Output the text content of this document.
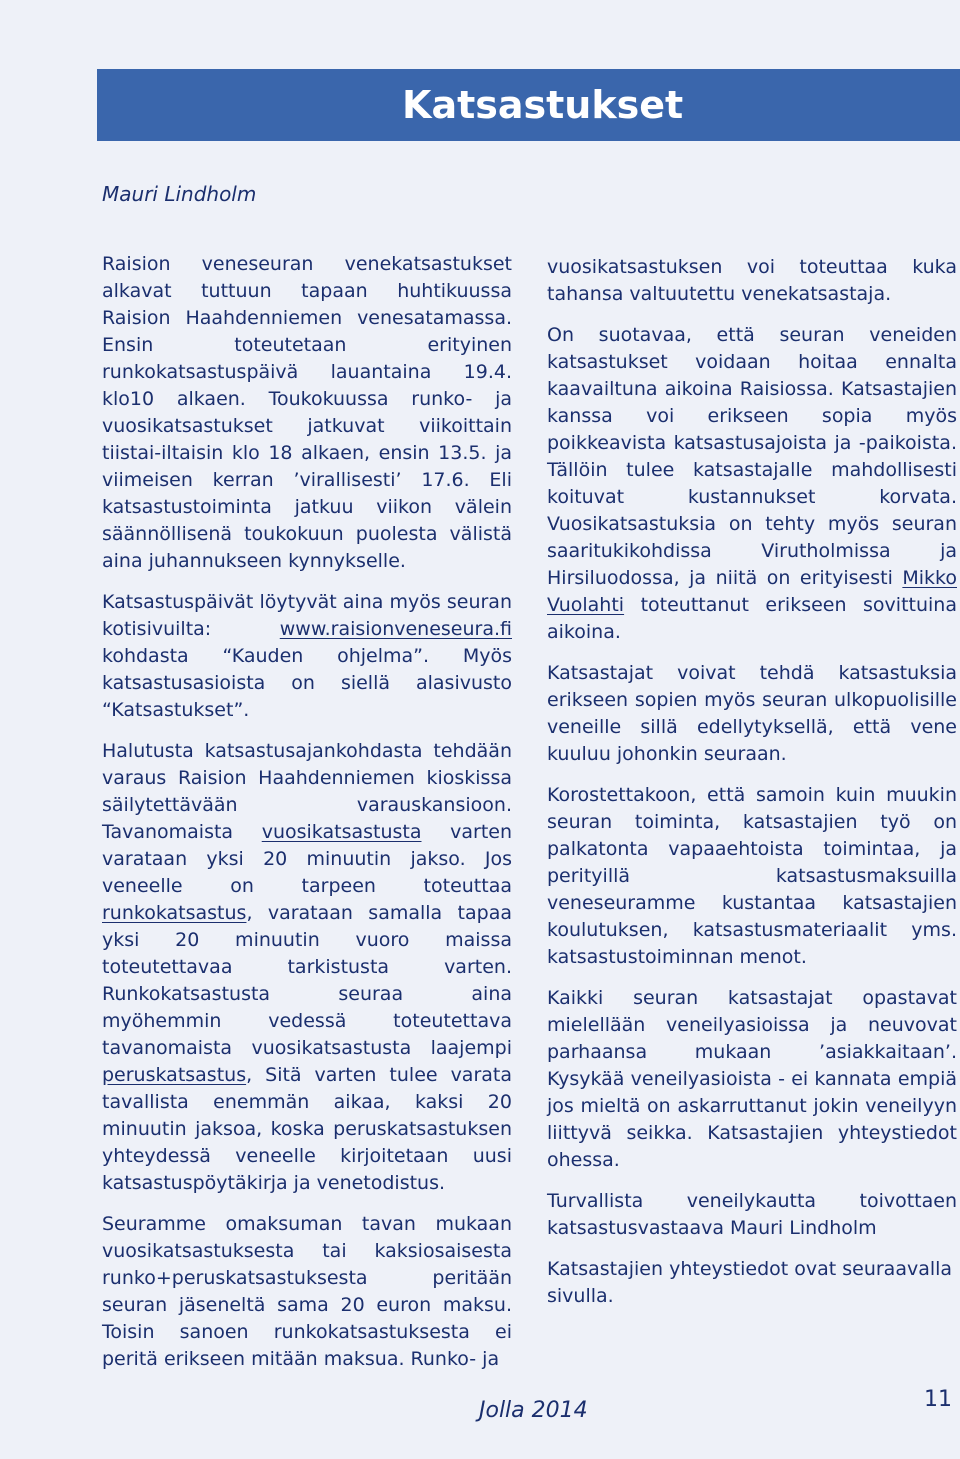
Katsastukset
Mauri Lindholm

Raision veneseuran venekatsastukset alkavat tuttuun tapaan huhtikuussa Raision Haahdenniemen venesatamassa. Ensin toteutetaan erityinen runkokatsastuspäivä lauantaina 19.4. klo10 alkaen. Toukokuussa runko- ja vuosikatsastukset jatkuvat viikoittain tiistai-iltaisin klo 18 alkaen, ensin 13.5. ja viimeisen kerran ’virallisesti’ 17.6. Eli katsastustoiminta jatkuu viikon välein säännöllisenä toukokuun puolesta välistä aina juhannukseen kynnykselle.

Katsastuspäivät löytyvät aina myös seuran kotisivuilta: www.raisionveneseura.fi kohdasta “Kauden ohjelma”. Myös katsastusasioista on siellä alasivusto “Katsastukset”.

Halutusta katsastusajankohdasta tehdään varaus Raision Haahdenniemen kioskissa säilytettävään varauskansioon. Tavanomaista vuosikatsastusta varten varataan yksi 20 minuutin jakso. Jos veneelle on tarpeen toteuttaa runkokatsastus, varataan samalla tapaa yksi 20 minuutin vuoro maissa toteutettavaa tarkistusta varten. Runkokatsastusta seuraa aina myöhemmin vedessä toteutettava tavanomaista vuosikatsastusta laajempi peruskatsastus, Sitä varten tulee varata tavallista enemmän aikaa, kaksi 20 minuutin jaksoa, koska peruskatsastuksen yhteydessä veneelle kirjoitetaan uusi katsastuspöytäkirja ja venetodistus.

Seuramme omaksuman tavan mukaan vuosikatsastuksesta tai kaksiosaisesta runko+peruskatsastuksesta peritään seuran jäseneltä sama 20 euron maksu. Toisin sanoen runkokatsastuksesta ei peritä erikseen mitään maksua. Runko- ja

vuosikatsastuksen voi toteuttaa kuka tahansa valtuutettu venekatsastaja.

On suotavaa, että seuran veneiden katsastukset voidaan hoitaa ennalta kaavailtuna aikoina Raisiossa. Katsastajien kanssa voi erikseen sopia myös poikkeavista katsastusajoista ja -paikoista. Tällöin tulee katsastajalle mahdollisesti koituvat kustannukset korvata. Vuosikatsastuksia on tehty myös seuran saaritukikohdissa Virutholmissa ja Hirsiluodossa, ja niitä on erityisesti Mikko Vuolahti toteuttanut erikseen sovittuina aikoina.

Katsastajat voivat tehdä katsastuksia erikseen sopien myös seuran ulkopuolisille veneille sillä edellytyksellä, että vene kuuluu johonkin seuraan.

Korostettakoon, että samoin kuin muukin seuran toiminta, katsastajien työ on palkatonta vapaaehtoista toimintaa, ja perityillä katsastusmaksuilla veneseuramme kustantaa katsastajien koulutuksen, katsastusmateriaalit yms. katsastustoiminnan menot.

Kaikki seuran katsastajat opastavat mielellään veneilyasioissa ja neuvovat parhaansa mukaan ’asiakkaitaan’. Kysykää veneilyasioista - ei kannata empiä jos mieltä on askarruttanut jokin veneilyyn liittyvä seikka. Katsastajien yhteystiedot ohessa.

Turvallista veneilykautta toivottaen katsastusvastaava Mauri Lindholm

Katsastajien yhteystiedot ovat seuraavalla sivulla.

Jolla 2014	11
